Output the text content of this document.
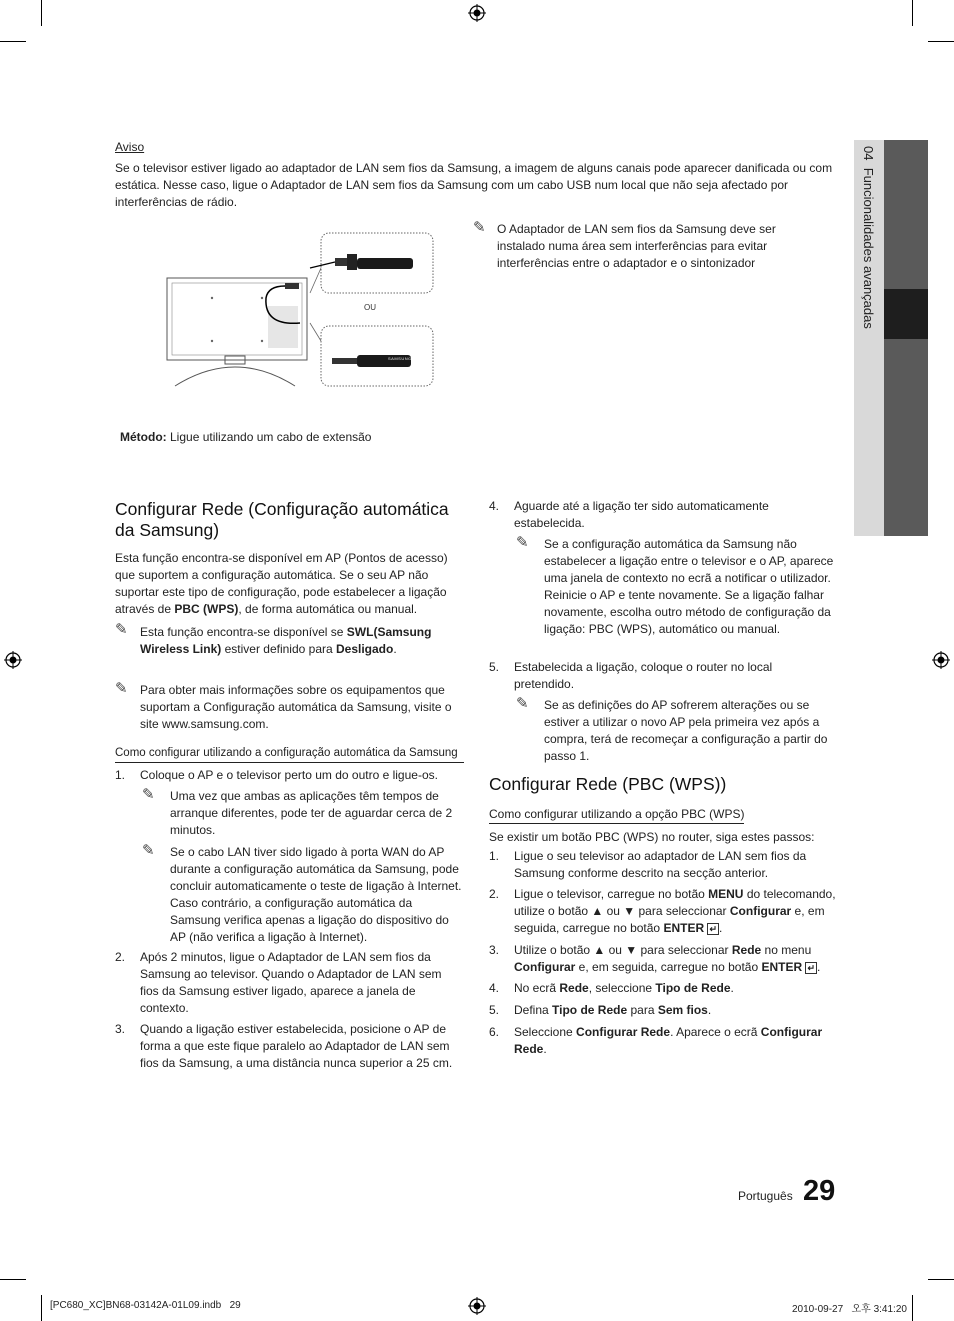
04  Funcionalidades avançadas
Aviso
Se o televisor estiver ligado ao adaptador de LAN sem fios da Samsung, a imagem de alguns canais pode aparecer danificada ou com estática. Nesse caso, ligue o Adaptador de LAN sem fios da Samsung com um cabo USB num local que não seja afectado por interferências de rádio.
OU
SAMSUNG
Método: Ligue utilizando um cabo de extensão
✎ O Adaptador de LAN sem fios da Samsung deve ser instalado numa área sem interferências para evitar interferências entre o adaptador e o sintonizador
Configurar Rede (Configuração automática da Samsung)
Esta função encontra-se disponível em AP (Pontos de acesso) que suportem a configuração automática. Se o seu AP não suportar este tipo de configuração, pode estabelecer a ligação através de PBC (WPS), de forma automática ou manual.
✎ Esta função encontra-se disponível se SWL(Samsung Wireless Link) estiver definido para Desligado.
✎ Para obter mais informações sobre os equipamentos que suportam a Configuração automática da Samsung, visite o site www.samsung.com.
Como configurar utilizando a configuração automática da Samsung
1. Coloque o AP e o televisor perto um do outro e ligue-os.
✎ Uma vez que ambas as aplicações têm tempos de arranque diferentes, pode ter de aguardar cerca de 2 minutos.
✎ Se o cabo LAN tiver sido ligado à porta WAN do AP durante a configuração automática da Samsung, pode concluir automaticamente o teste de ligação à Internet. Caso contrário, a configuração automática da Samsung verifica apenas a ligação do dispositivo do AP (não verifica a ligação à Internet).
2. Após 2 minutos, ligue o Adaptador de LAN sem fios da Samsung ao televisor. Quando o Adaptador de LAN sem fios da Samsung estiver ligado, aparece a janela de contexto.
3. Quando a ligação estiver estabelecida, posicione o AP de forma a que este fique paralelo ao Adaptador de LAN sem fios da Samsung, a uma distância nunca superior a 25 cm.
4. Aguarde até a ligação ter sido automaticamente estabelecida.
✎ Se a configuração automática da Samsung não estabelecer a ligação entre o televisor e o AP, aparece uma janela de contexto no ecrã a notificar o utilizador. Reinicie o AP e tente novamente. Se a ligação falhar novamente, escolha outro método de configuração da ligação: PBC (WPS), automático ou manual.
5. Estabelecida a ligação, coloque o router no local pretendido.
✎ Se as definições do AP sofrerem alterações ou se estiver a utilizar o novo AP pela primeira vez após a compra, terá de recomeçar a configuração a partir do passo 1.
Configurar Rede (PBC (WPS))
Como configurar utilizando a opção PBC (WPS)
Se existir um botão PBC (WPS) no router, siga estes passos:
1. Ligue o seu televisor ao adaptador de LAN sem fios da Samsung conforme descrito na secção anterior.
2. Ligue o televisor, carregue no botão MENU do telecomando, utilize o botão ▲ ou ▼ para seleccionar Configurar e, em seguida, carregue no botão ENTER ↵ .
3. Utilize o botão ▲ ou ▼ para seleccionar Rede no menu Configurar e, em seguida, carregue no botão ENTER ↵ .
4. No ecrã Rede, seleccione Tipo de Rede.
5. Defina Tipo de Rede para Sem fios.
6. Seleccione Configurar Rede. Aparece o ecrã Configurar Rede.
Português 29
[PC680_XC]BN68-03142A-01L09.indb   29	2010-09-27   오후 3:41:20
